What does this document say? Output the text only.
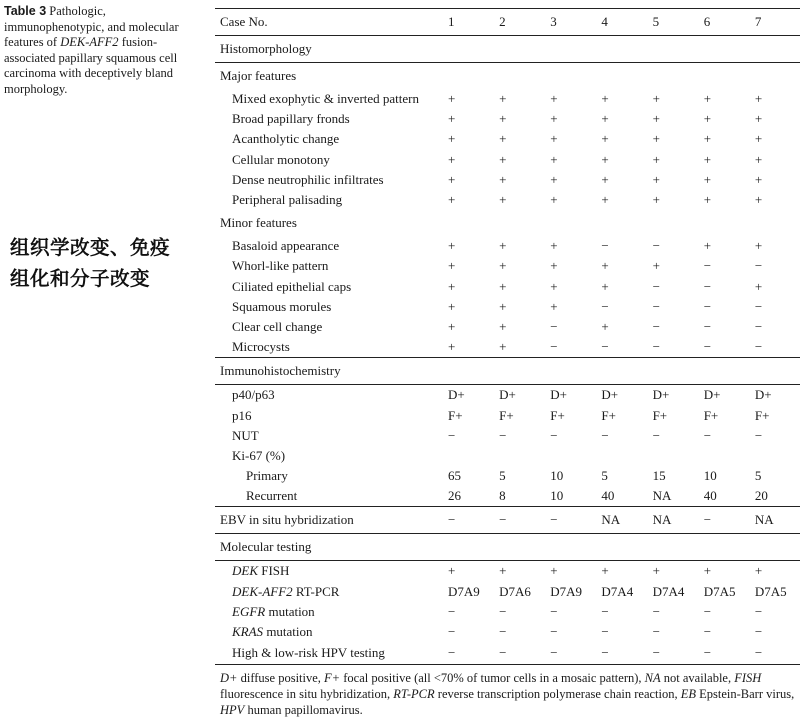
Table 3 Pathologic, immunophenotypic, and molecular features of DEK-AFF2 fusion-associated papillary squamous cell carcinoma with deceptively bland morphology.
组织学改变、免疫
组化和分子改变
Case No.	1	2	3	4	5	6	7
Histomorphology							
Major features							
Mixed exophytic & inverted pattern	+	+	+	+	+	+	+
Broad papillary fronds	+	+	+	+	+	+	+
Acantholytic change	+	+	+	+	+	+	+
Cellular monotony	+	+	+	+	+	+	+
Dense neutrophilic infiltrates	+	+	+	+	+	+	+
Peripheral palisading	+	+	+	+	+	+	+
Minor features							
Basaloid appearance	+	+	+	−	−	+	+
Whorl-like pattern	+	+	+	+	+	−	−
Ciliated epithelial caps	+	+	+	+	−	−	+
Squamous morules	+	+	+	−	−	−	−
Clear cell change	+	+	−	+	−	−	−
Microcysts	+	+	−	−	−	−	−
Immunohistochemistry							
p40/p63	D+	D+	D+	D+	D+	D+	D+
p16	F+	F+	F+	F+	F+	F+	F+
NUT	−	−	−	−	−	−	−
Ki-67 (%)							
Primary	65	5	10	5	15	10	5
Recurrent	26	8	10	40	NA	40	20
EBV in situ hybridization	−	−	−	NA	NA	−	NA
Molecular testing							
DEK FISH	+	+	+	+	+	+	+
DEK-AFF2 RT-PCR	D7A9	D7A6	D7A9	D7A4	D7A4	D7A5	D7A5
EGFR mutation	−	−	−	−	−	−	−
KRAS mutation	−	−	−	−	−	−	−
High & low-risk HPV testing	−	−	−	−	−	−	−
D+ diffuse positive, F+ focal positive (all <70% of tumor cells in a mosaic pattern), NA not available, FISH fluorescence in situ hybridization, RT-PCR reverse transcription polymerase chain reaction, EB Epstein-Barr virus, HPV human papillomavirus.
